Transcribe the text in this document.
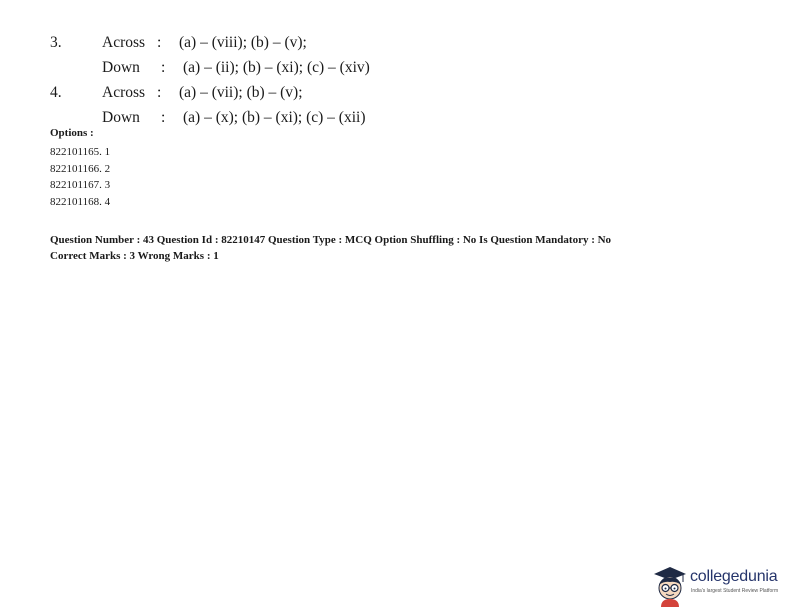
3.	Across : (a) – (viii); (b) – (v);
Down : (a) – (ii); (b) – (xi); (c) – (xiv)
4.	Across : (a) – (vii); (b) – (v);
Down : (a) – (x); (b) – (xi); (c) – (xii)
Options :
822101165. 1
822101166. 2
822101167. 3
822101168. 4
Question Number : 43 Question Id : 82210147 Question Type : MCQ Option Shuffling : No Is Question Mandatory : No
Correct Marks : 3 Wrong Marks : 1
collegedunia
India's largest Student Review Platform
